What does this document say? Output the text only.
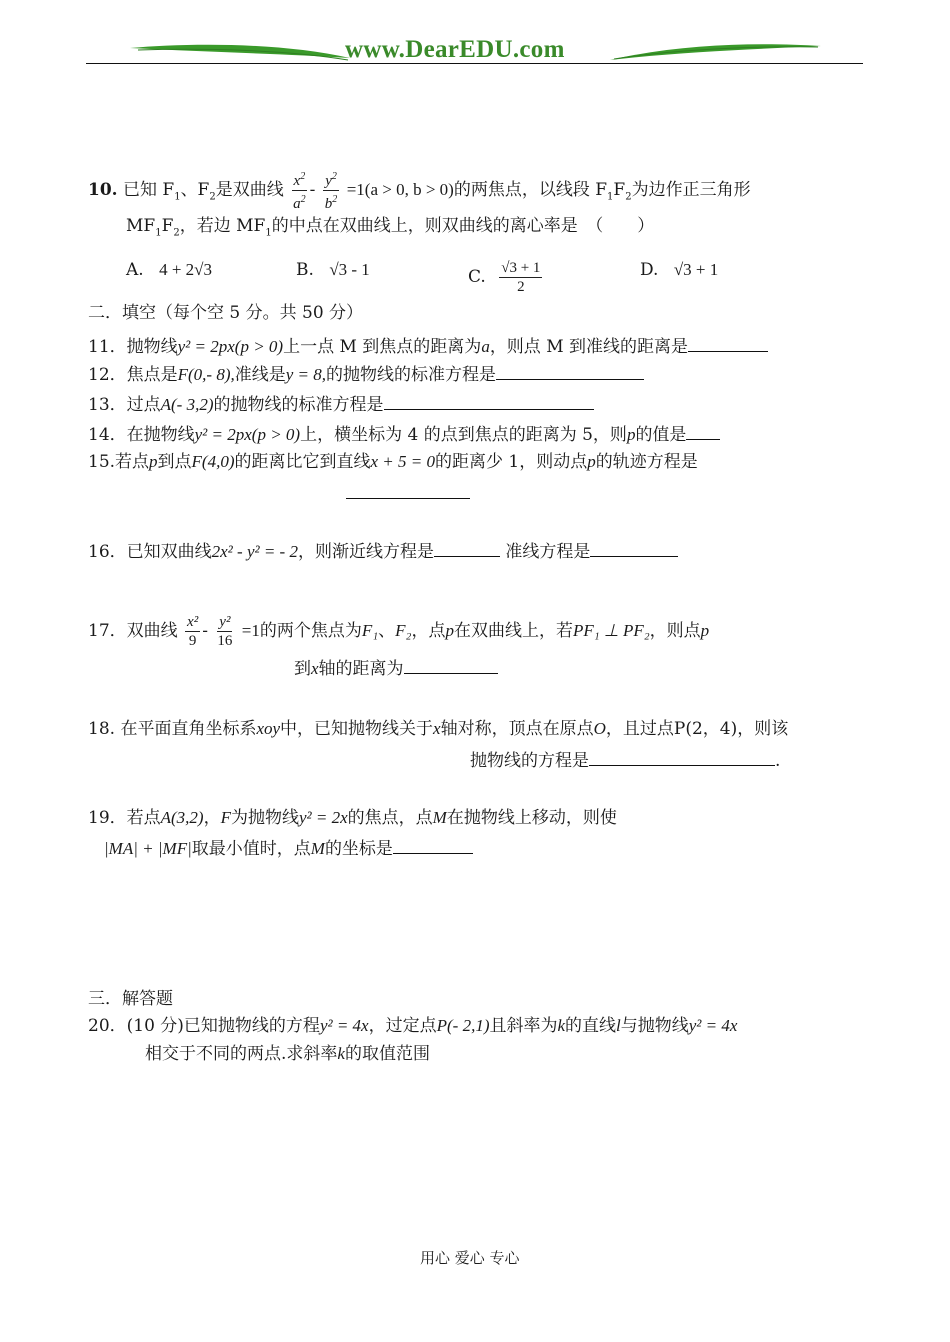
www.DearEDU.com
10. 已知 $F_1$、$F_2$是双曲线 $\frac{x^2}{a^2} - \frac{y^2}{b^2} =1(a > 0$, b > 0)的两焦点，以线段 $F_1F_2$为边作正三角形
$MF_1F_2$，若边 $MF_1$的中点在双曲线上，则双曲线的离心率是　（　　）
A. 4 + 2√3	B. √3 - 1	C. $\frac{√3 + 1}{2}$	D. √3 + 1
二．填空（每个空 5 分。共 50 分）
11．抛物线y² = 2px(p > 0)上一点 M 到焦点的距离为a，则点 M 到准线的距离是
12．焦点是F(0,- 8),准线是y = 8,的抛物线的标准方程是
13．过点A(- 3,2)的抛物线的标准方程是
14．在抛物线y² = 2px(p > 0)上，横坐标为 4 的点到焦点的距离为 5，则p的值是
15.若点p到点F(4,0)的距离比它到直线x + 5 = 0的距离少 1，则动点p的轨迹方程是
16．已知双曲线2x² - y² = - 2，则渐近线方程是	准线方程是
17．双曲线 $\frac{\text{x²}}{9} - \frac{\text{y²}}{16} =1$的两个焦点为F₁、F₂，点p在双曲线上，若PF₁ ⊥ PF₂，则点p
到x轴的距离为
18. 在平面直角坐标系xoy中，已知抛物线关于x轴对称，顶点在原点O，且过点P(2，4)，则该
抛物线的方程是	.
19．若点A(3,2)，F为抛物线y² = 2x的焦点，点M在抛物线上移动，则使
|MA| + |MF|取最小值时，点M的坐标是
三．解答题
20．(10 分)已知抛物线的方程y² = 4x，过定点P(- 2,1)且斜率为k的直线l与抛物线y² = 4x
相交于不同的两点.求斜率k的取值范围
用心 爱心 专心
